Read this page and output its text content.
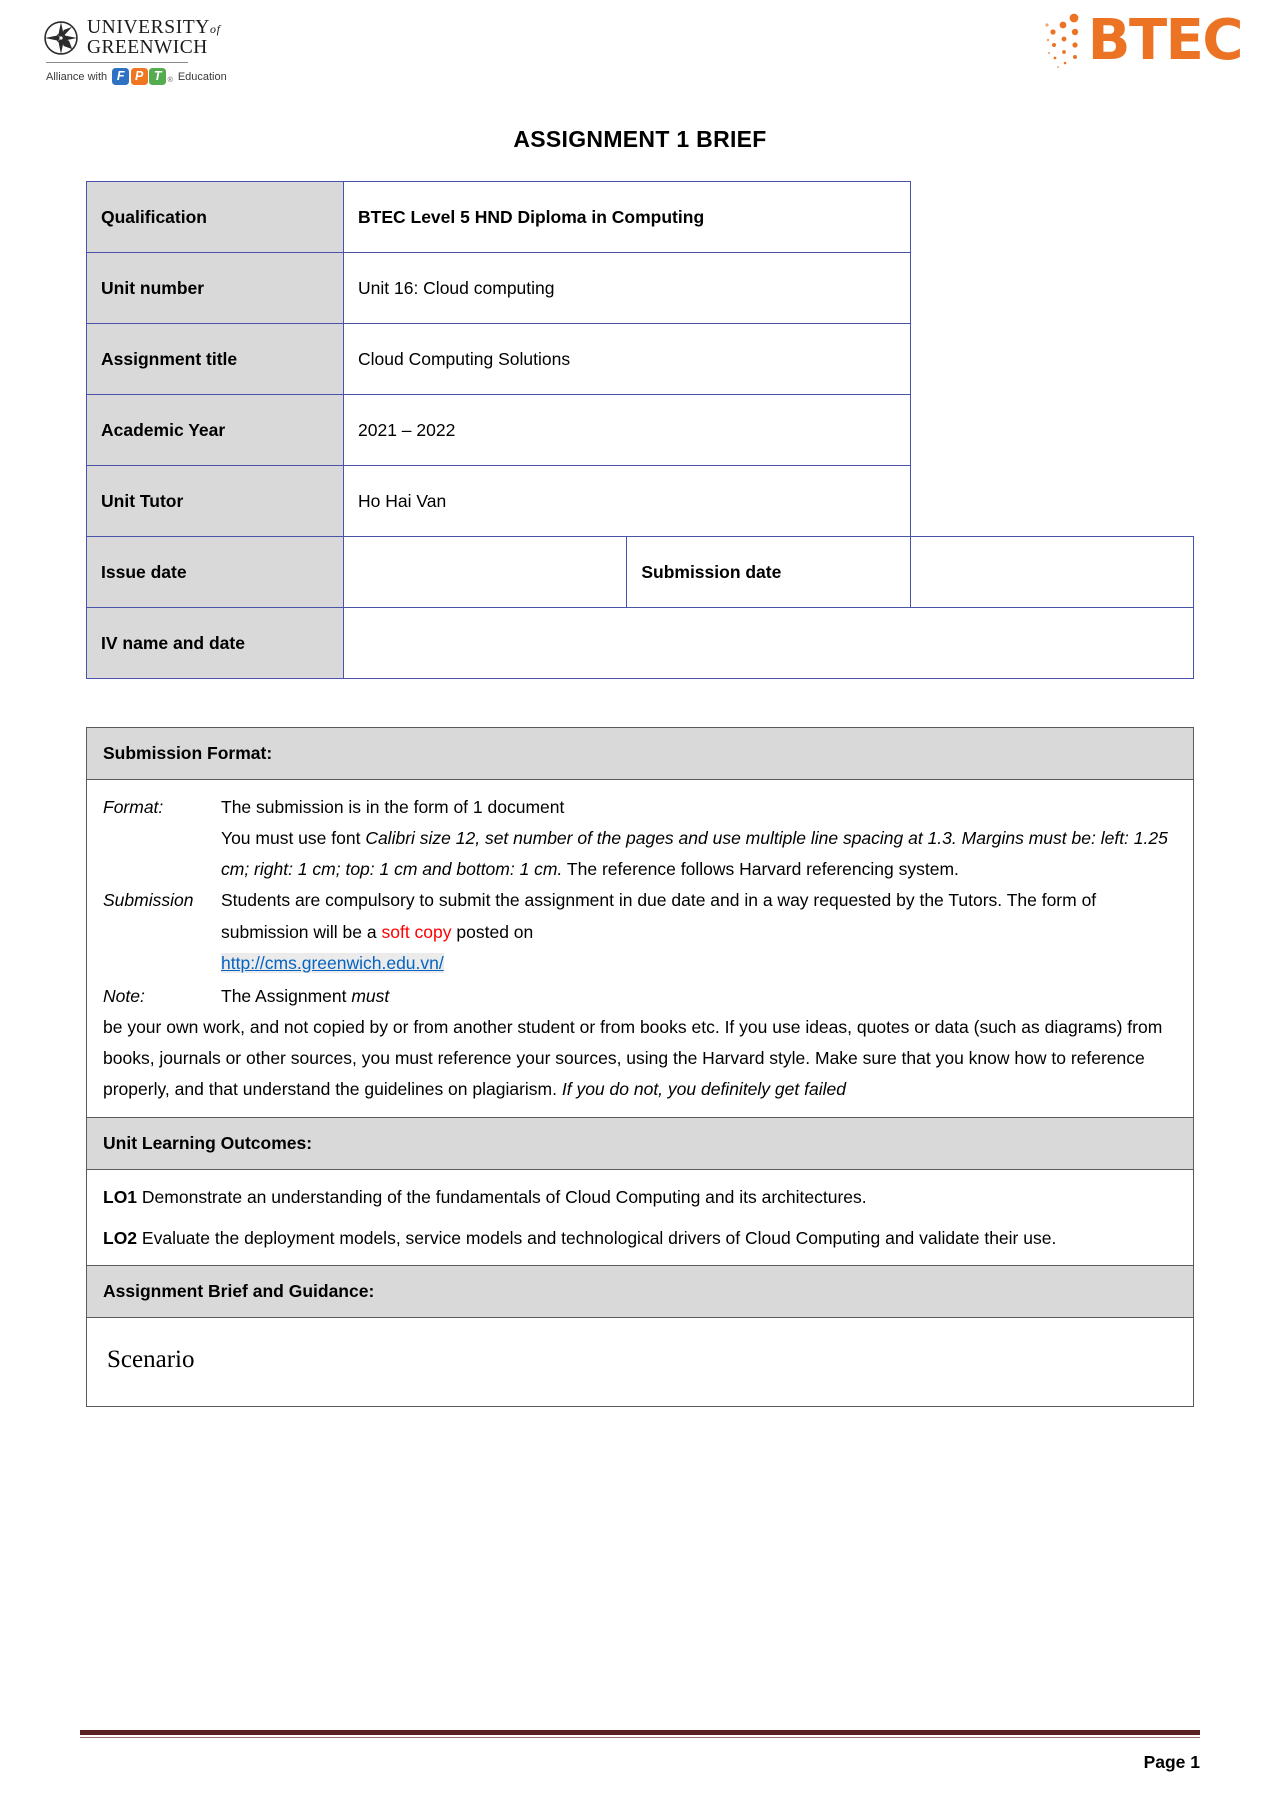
UNIVERSITYof
GREENWICH
Alliance with F P T ® Education
BTEC
ASSIGNMENT 1 BRIEF
Qualification	BTEC Level 5 HND Diploma in Computing		
Unit number	Unit 16: Cloud computing		
Assignment title	Cloud Computing Solutions		
Academic Year	2021 – 2022		
Unit Tutor	Ho Hai Van		
Issue date		Submission date	
IV name and date			
Submission Format:

Format:	The submission is in the form of 1 document
You must use font Calibri size 12, set number of the pages and use multiple line spacing at 1.3. Margins must be: left: 1.25 cm; right: 1 cm; top: 1 cm and bottom: 1 cm. The reference follows Harvard referencing system.
Submission	Students are compulsory to submit the assignment in due date and in a way requested by the Tutors. The form of submission will be a soft copy posted on
http://cms.greenwich.edu.vn/
Note:	The Assignment must
be your own work, and not copied by or from another student or from books etc. If you use ideas, quotes or data (such as diagrams) from books, journals or other sources, you must reference your sources, using the Harvard style. Make sure that you know how to reference properly, and that understand the guidelines on plagiarism. If you do not, you definitely get failed

Unit Learning Outcomes:

LO1 Demonstrate an understanding of the fundamentals of Cloud Computing and its architectures.

LO2 Evaluate the deployment models, service models and technological drivers of Cloud Computing and validate their use.

Assignment Brief and Guidance:

Scenario
Page 1
